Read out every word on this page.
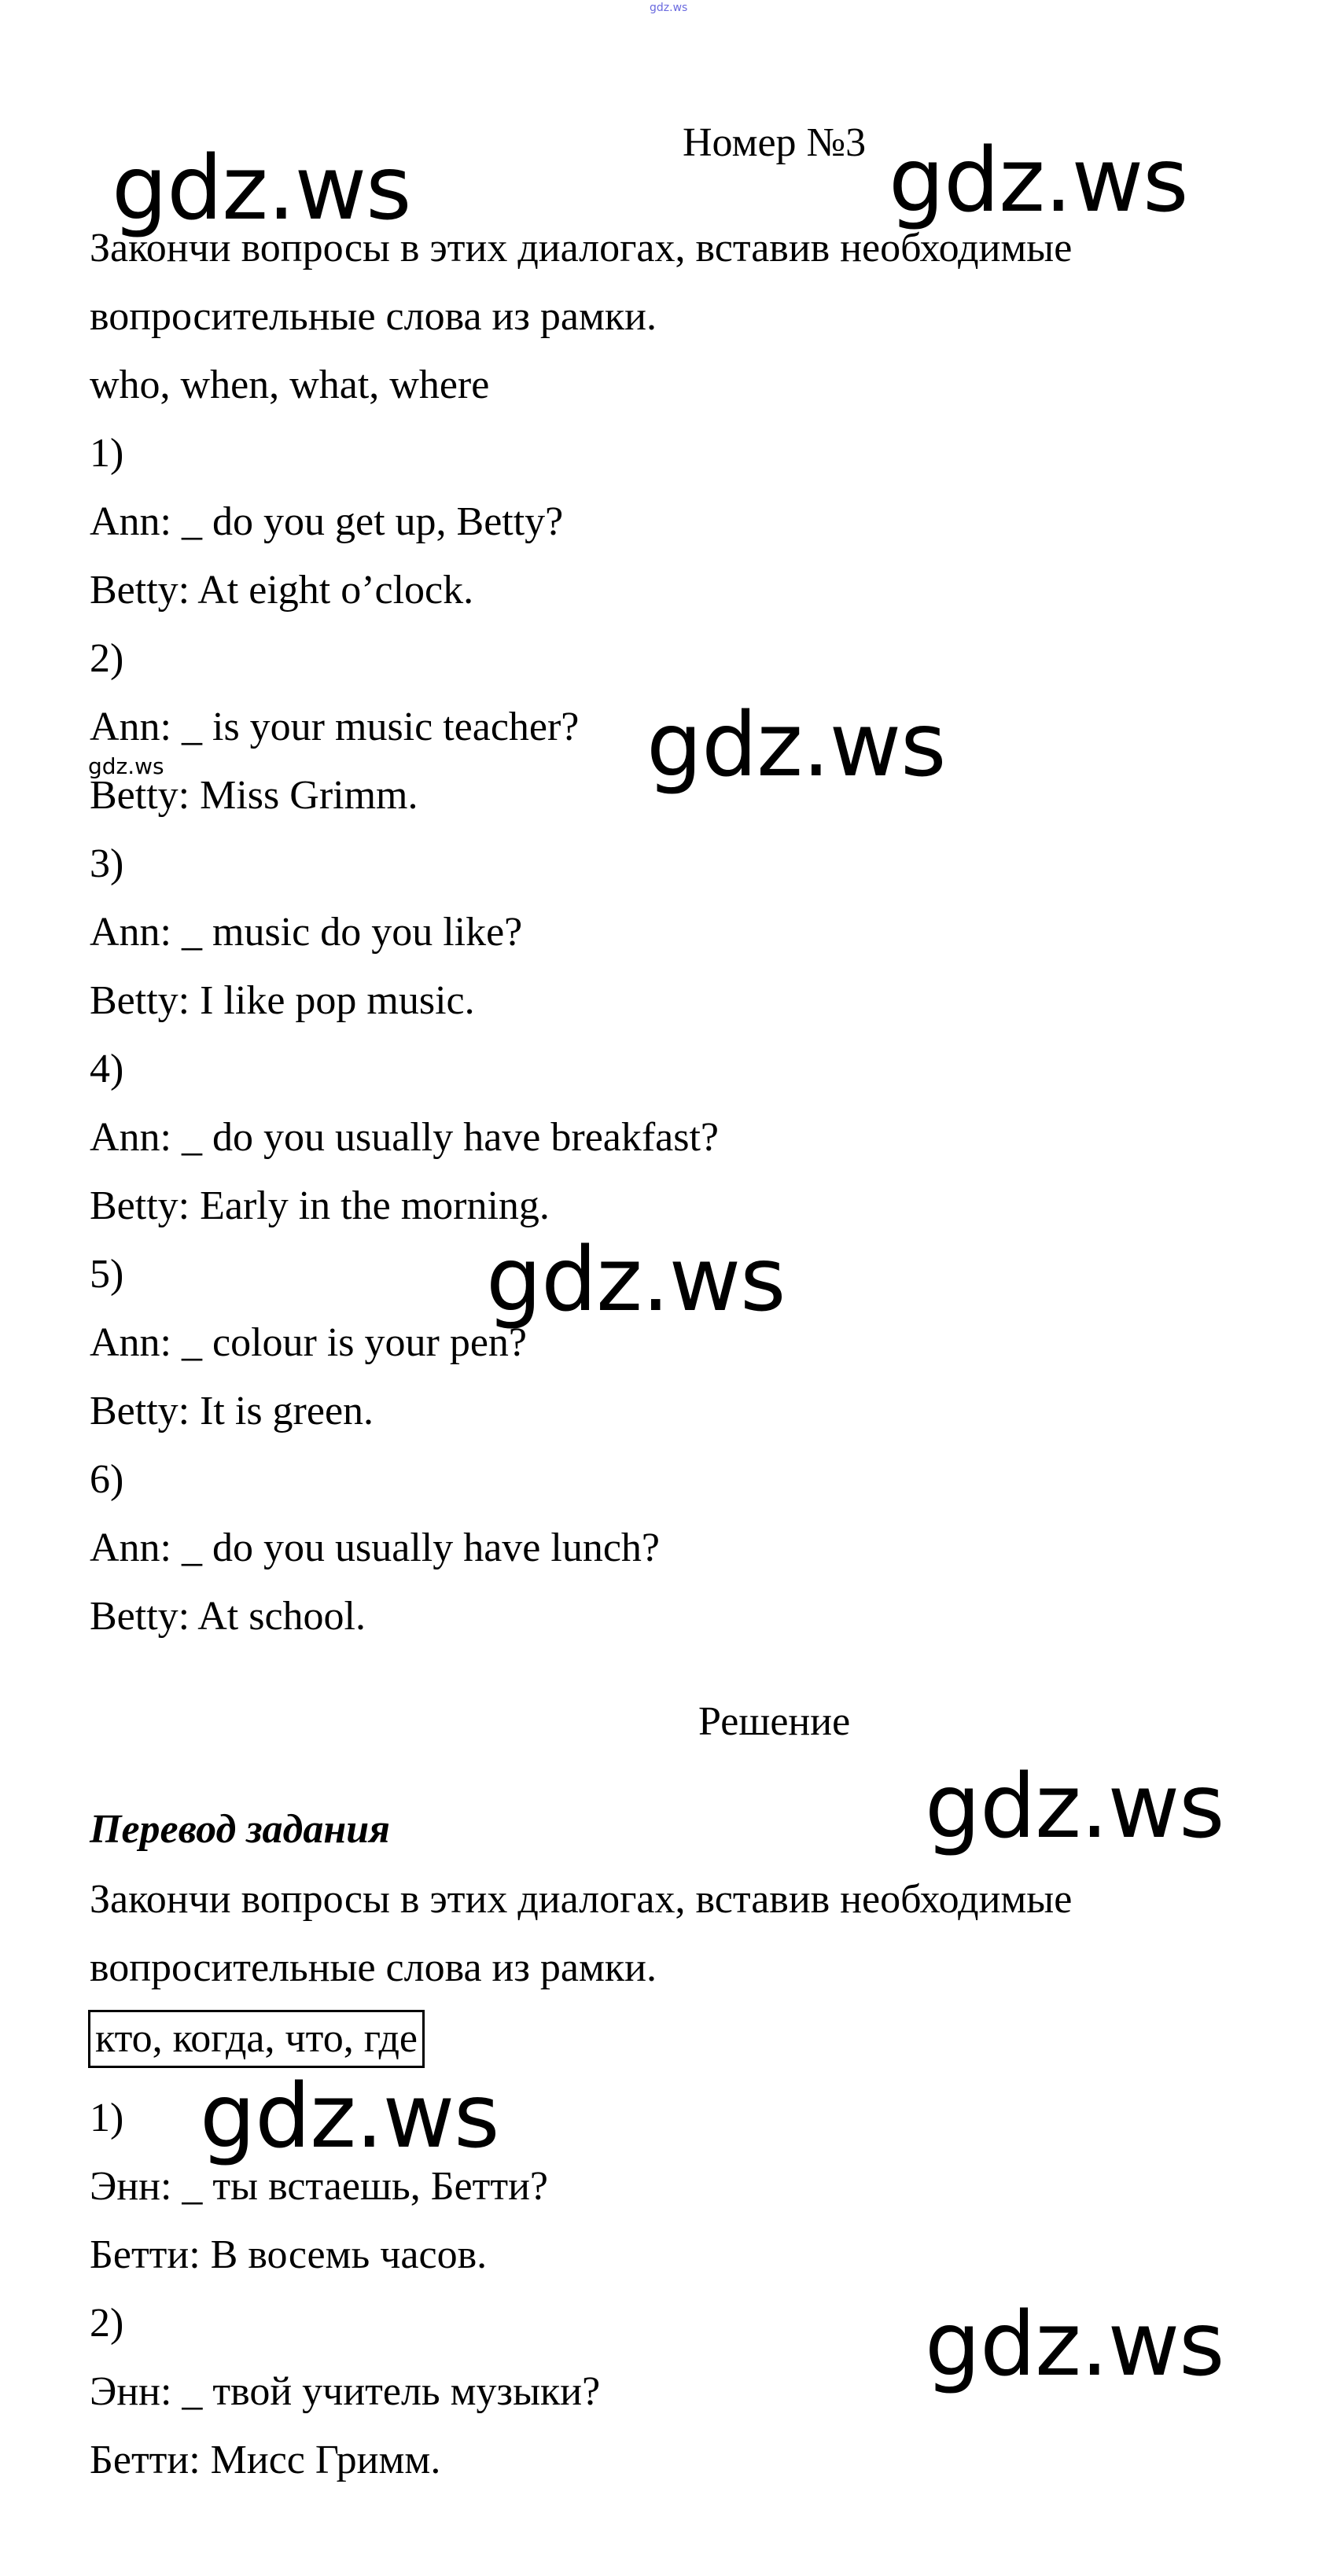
gdz.ws
Номер №3
Закончи вопросы в этих диалогах, вставив необходимые
вопросительные слова из рамки.
who, when, what, where
1)
Ann: _ do you get up, Betty?
Betty: At eight o’clock.
2)
Ann: _ is your music teacher?
Betty: Miss Grimm.
3)
Ann: _ music do you like?
Betty: I like pop music.
4)
Ann: _ do you usually have breakfast?
Betty: Early in the morning.
5)
Ann: _ colour is your pen?
Betty: It is green.
6)
Ann: _ do you usually have lunch?
Betty: At school.
Решение
Перевод задания
Закончи вопросы в этих диалогах, вставив необходимые
вопросительные слова из рамки.
кто, когда, что, где
1)
Энн: _ ты встаешь, Бетти?
Бетти: В восемь часов.
2)
Энн: _ твой учитель музыки?
Бетти: Мисс Гримм.
gdz.ws	gdz.ws
gdz.ws
gdz.ws
gdz.ws
gdz.ws
gdz.ws
gdz.ws
